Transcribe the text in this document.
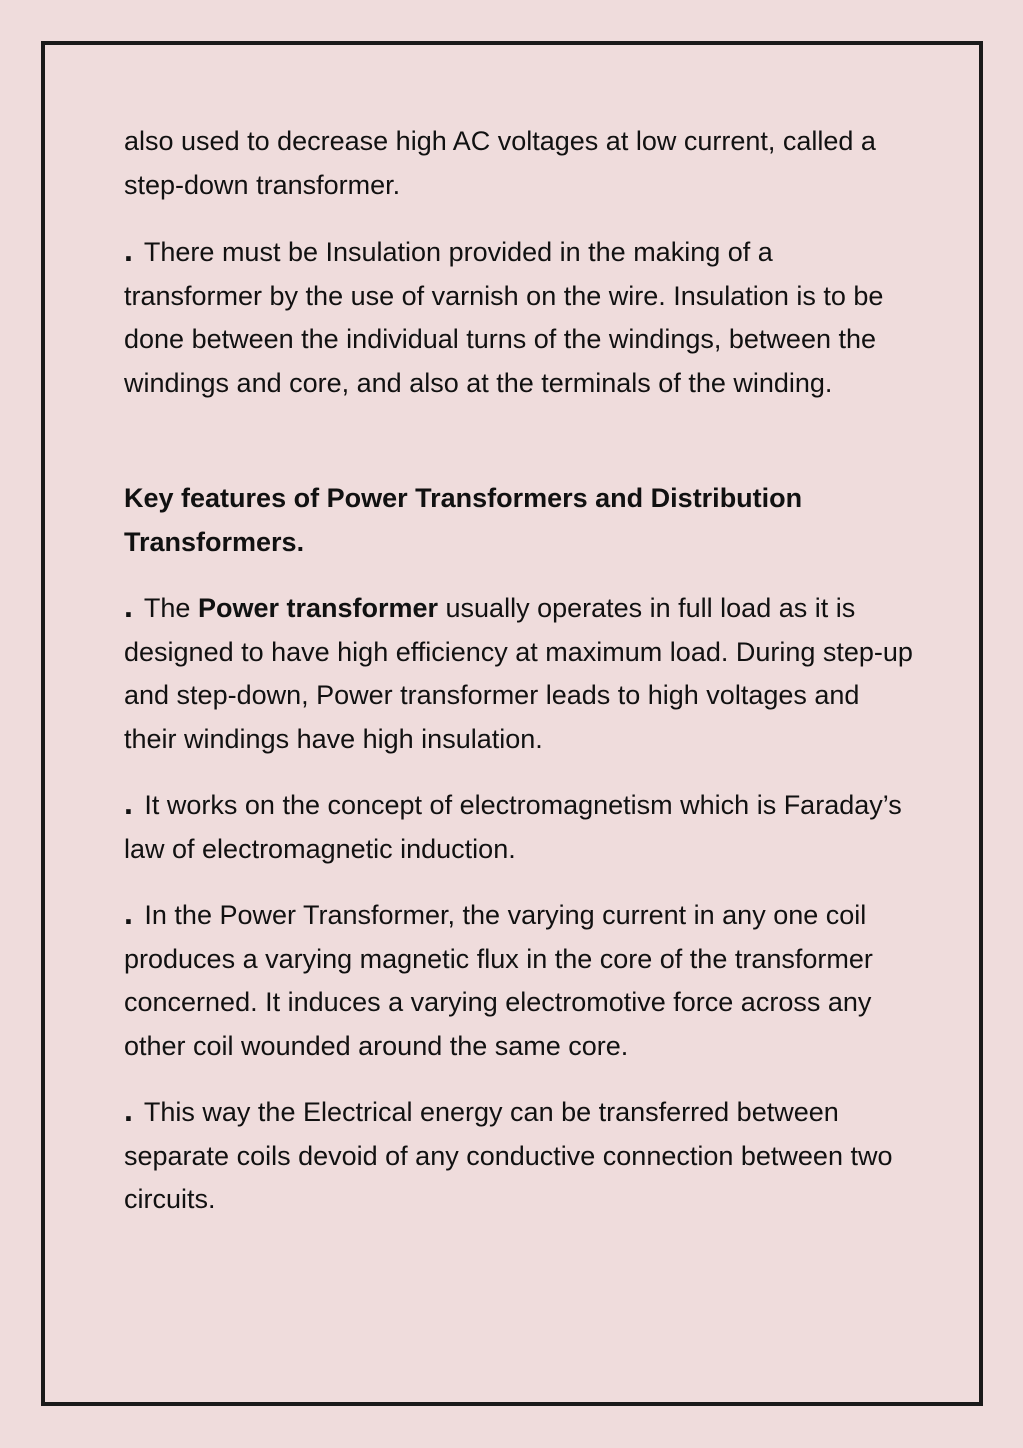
also used to decrease high AC voltages at low current, called a step-down transformer.

. There must be Insulation provided in the making of a transformer by the use of varnish on the wire. Insulation is to be done between the individual turns of the windings, between the windings and core, and also at the terminals of the winding.

Key features of Power Transformers and Distribution Transformers.

. The Power transformer usually operates in full load as it is designed to have high efficiency at maximum load. During step-up and step-down, Power transformer leads to high voltages and their windings have high insulation.

. It works on the concept of electromagnetism which is Faraday’s law of electromagnetic induction.

. In the Power Transformer, the varying current in any one coil produces a varying magnetic flux in the core of the transformer concerned. It induces a varying electromotive force across any other coil wounded around the same core.

. This way the Electrical energy can be transferred between separate coils devoid of any conductive connection between two circuits.
